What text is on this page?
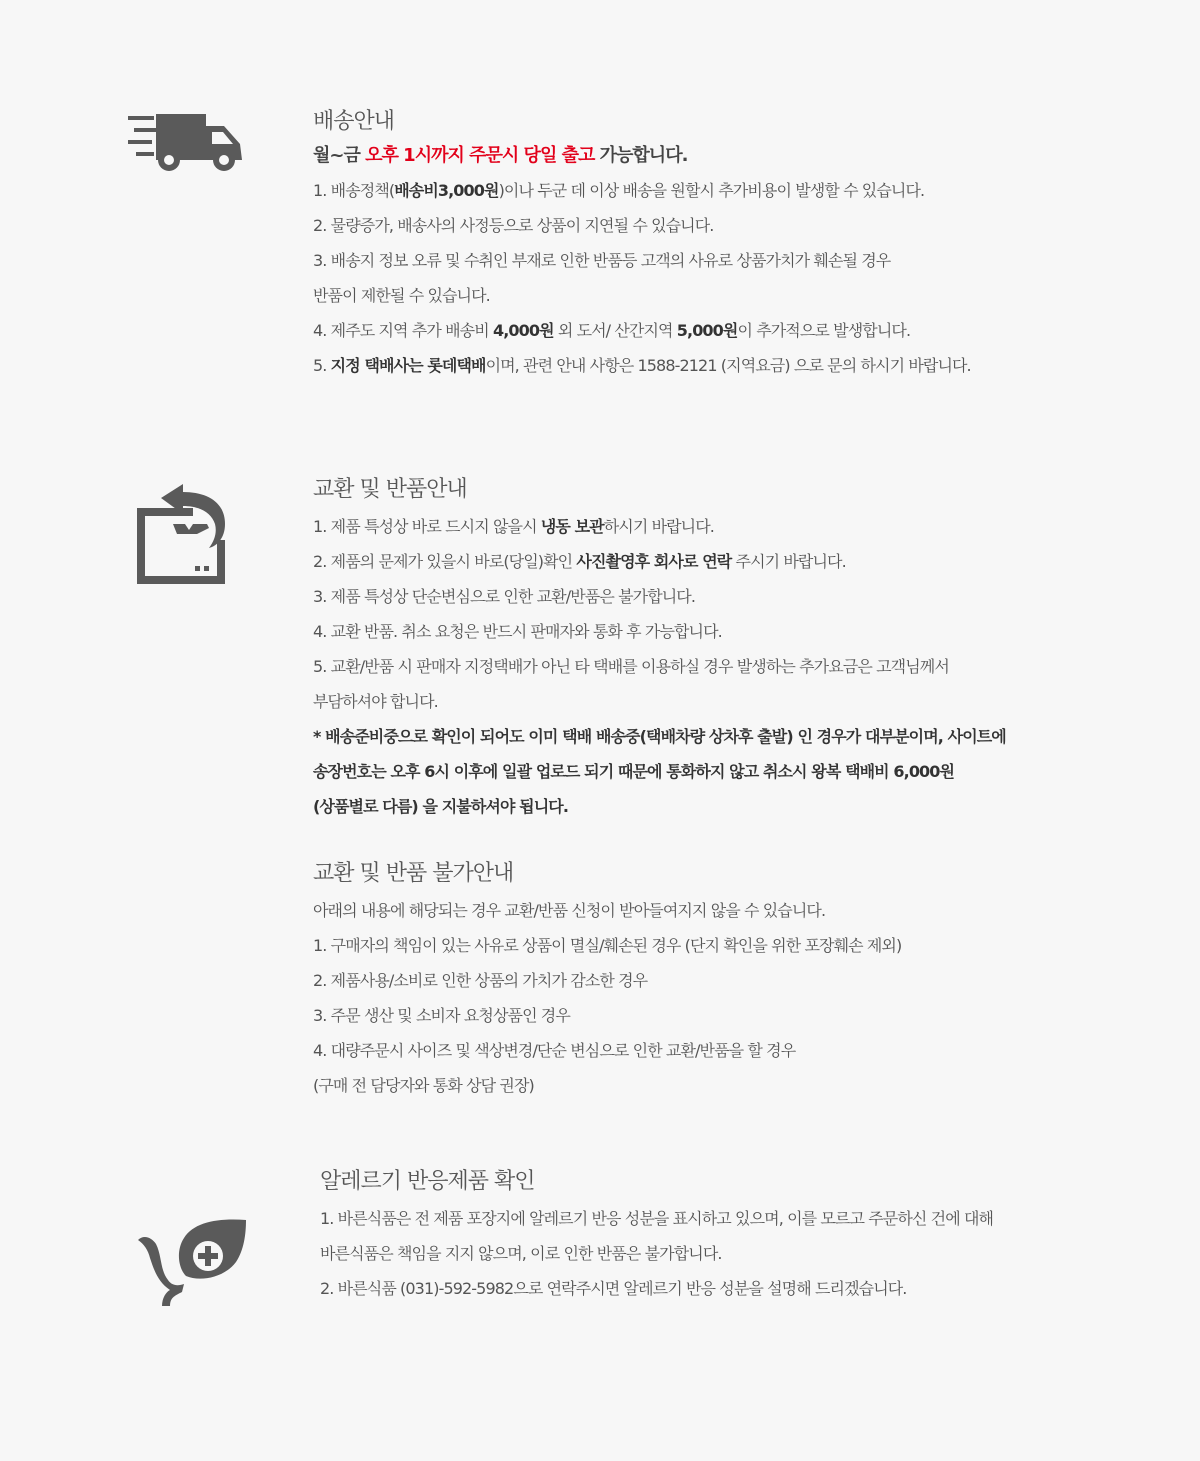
배송안내
월~금 오후 1시까지 주문시 당일 출고 가능합니다.
1. 배송정책(배송비3,000원)이나 두군 데 이상 배송을 원할시 추가비용이 발생할 수 있습니다.
2. 물량증가, 배송사의 사정등으로 상품이 지연될 수 있습니다.
3. 배송지 정보 오류 및 수취인 부재로 인한 반품등 고객의 사유로 상품가치가 훼손될 경우
반품이 제한될 수 있습니다.
4. 제주도 지역 추가 배송비 4,000원 외 도서/ 산간지역 5,000원이 추가적으로 발생합니다.
5. 지정 택배사는 롯데택배이며, 관련 안내 사항은 1588-2121 (지역요금) 으로 문의 하시기 바랍니다.
교환 및 반품안내
1. 제품 특성상 바로 드시지 않을시 냉동 보관하시기 바랍니다.
2. 제품의 문제가 있을시 바로(당일)확인 사진촬영후 회사로 연락 주시기 바랍니다.
3. 제품 특성상 단순변심으로 인한 교환/반품은 불가합니다.
4. 교환 반품. 취소 요청은 반드시 판매자와 통화 후 가능합니다.
5. 교환/반품 시 판매자 지정택배가 아닌 타 택배를 이용하실 경우 발생하는 추가요금은 고객님께서
부담하셔야 합니다.
* 배송준비중으로 확인이 되어도 이미 택배 배송중(택배차량 상차후 출발) 인 경우가 대부분이며, 사이트에
송장번호는 오후 6시 이후에 일괄 업로드 되기 때문에 통화하지 않고 취소시 왕복 택배비 6,000원
(상품별로 다름) 을 지불하셔야 됩니다.
교환 및 반품 불가안내
아래의 내용에 해당되는 경우 교환/반품 신청이 받아들여지지 않을 수 있습니다.
1. 구매자의 책임이 있는 사유로 상품이 멸실/훼손된 경우 (단지 확인을 위한 포장훼손 제외)
2. 제품사용/소비로 인한 상품의 가치가 감소한 경우
3. 주문 생산 및 소비자 요청상품인 경우
4. 대량주문시 사이즈 및 색상변경/단순 변심으로 인한 교환/반품을 할 경우
(구매 전 담당자와 통화 상담 권장)
알레르기 반응제품 확인
1. 바른식품은 전 제품 포장지에 알레르기 반응 성분을 표시하고 있으며, 이를 모르고 주문하신 건에 대해
바른식품은 책임을 지지 않으며, 이로 인한 반품은 불가합니다.
2. 바른식품 (031)-592-5982으로 연락주시면 알레르기 반응 성분을 설명해 드리겠습니다.
